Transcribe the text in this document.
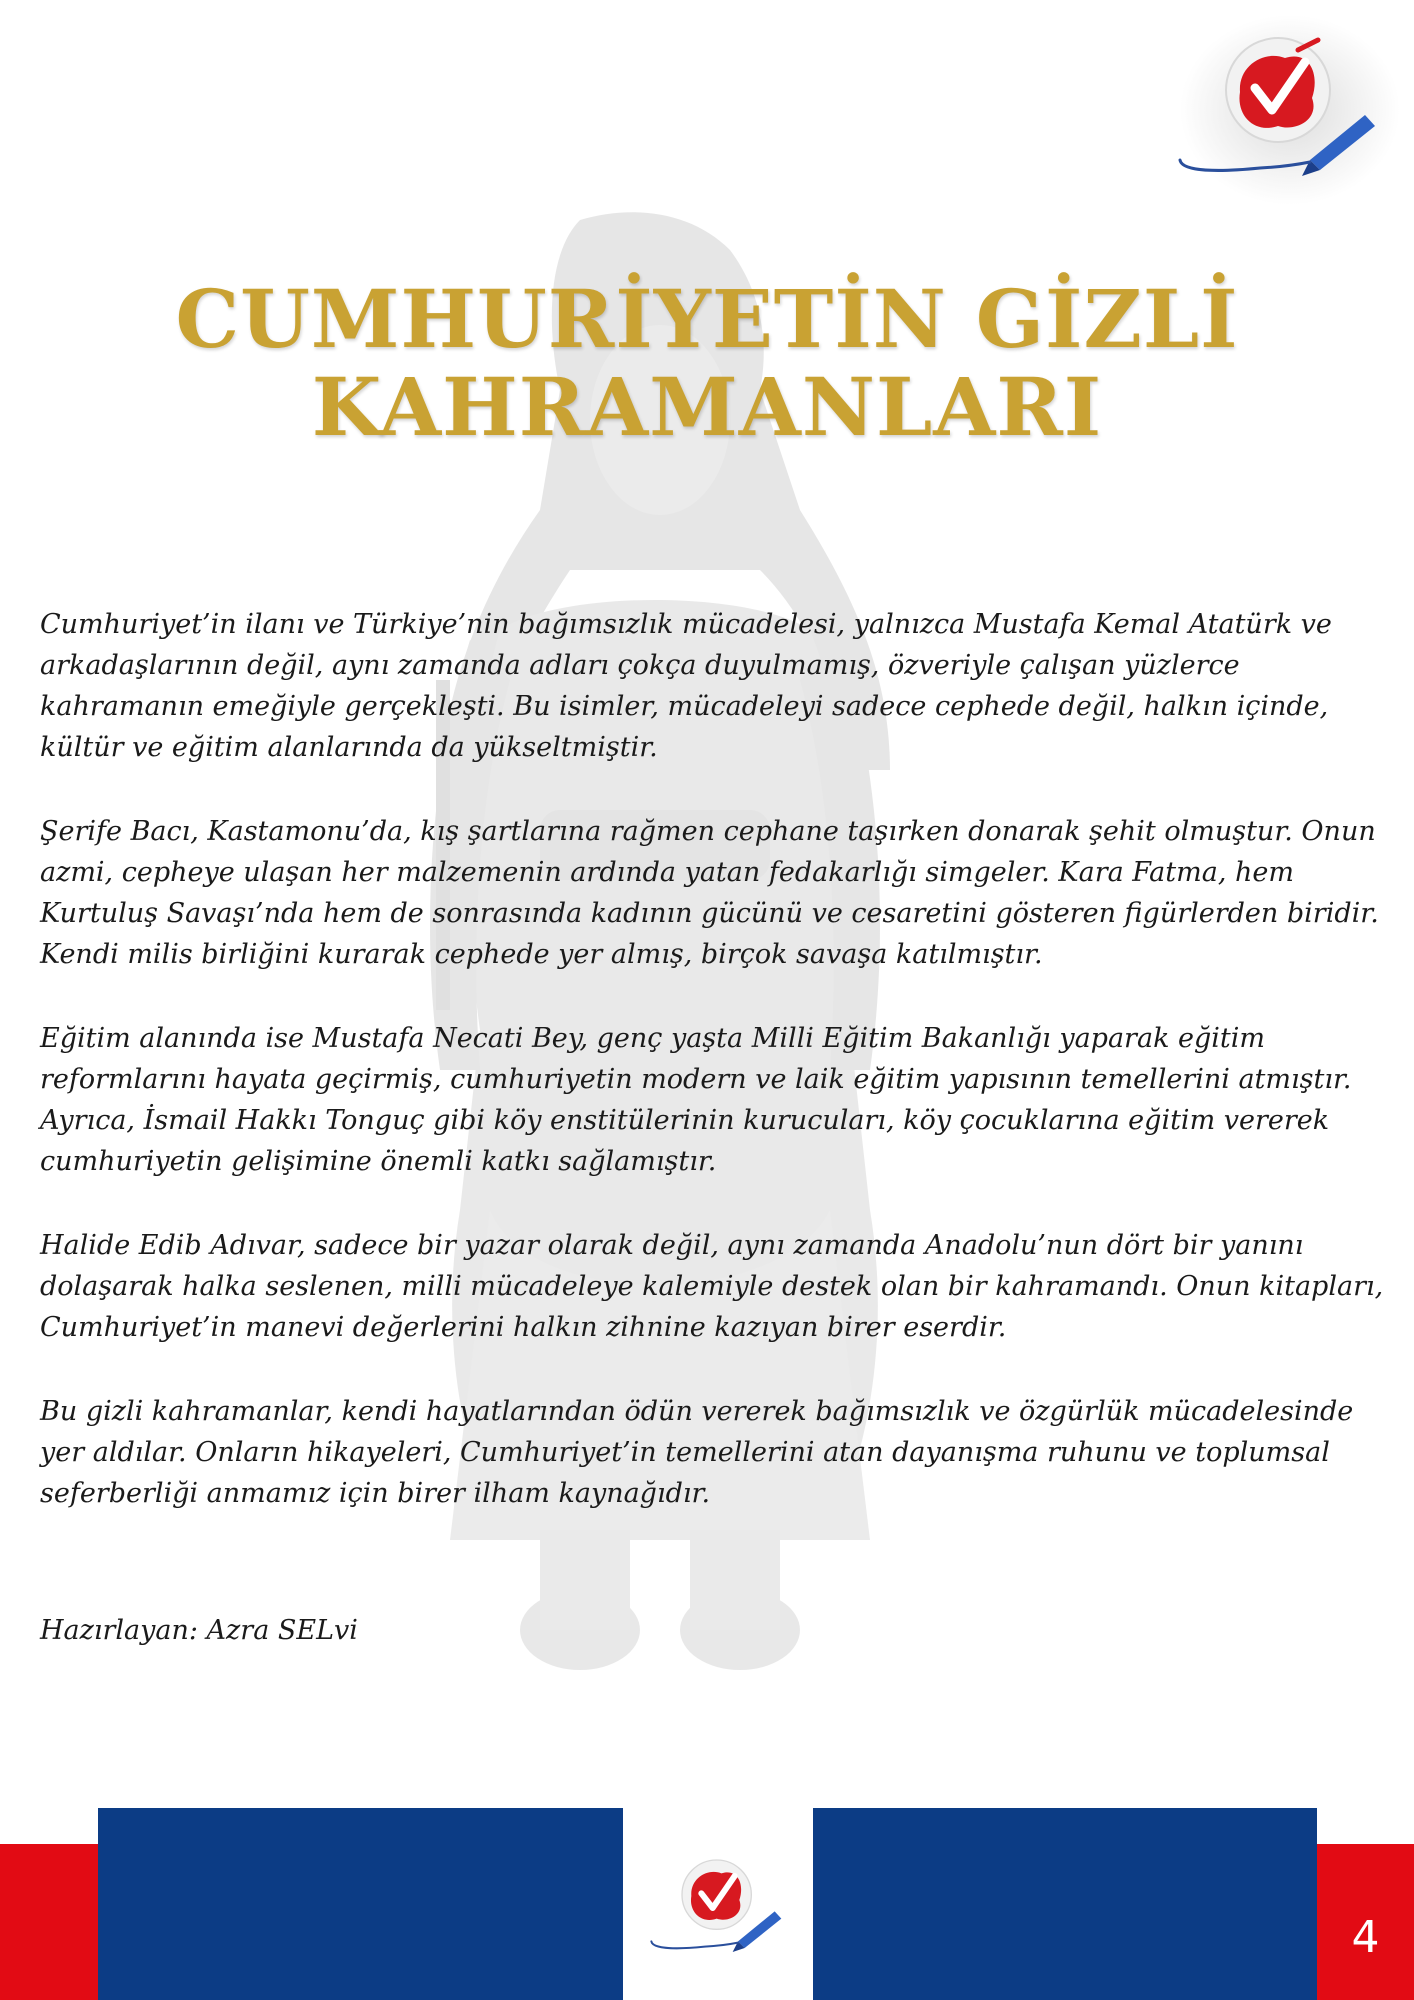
CUMHURİYETİN GİZLİ
KAHRAMANLARI

Cumhuriyet’in ilanı ve Türkiye’nin bağımsızlık mücadelesi, yalnızca Mustafa Kemal Atatürk ve arkadaşlarının değil, aynı zamanda adları çokça duyulmamış, özveriyle çalışan yüzlerce kahramanın emeğiyle gerçekleşti. Bu isimler, mücadeleyi sadece cephede değil, halkın içinde, kültür ve eğitim alanlarında da yükseltmiştir.

Şerife Bacı, Kastamonu’da, kış şartlarına rağmen cephane taşırken donarak şehit olmuştur. Onun azmi, cepheye ulaşan her malzemenin ardında yatan fedakarlığı simgeler. Kara Fatma, hem Kurtuluş Savaşı’nda hem de sonrasında kadının gücünü ve cesaretini gösteren figürlerden biridir. Kendi milis birliğini kurarak cephede yer almış, birçok savaşa katılmıştır.

Eğitim alanında ise Mustafa Necati Bey, genç yaşta Milli Eğitim Bakanlığı yaparak eğitim reformlarını hayata geçirmiş, cumhuriyetin modern ve laik eğitim yapısının temellerini atmıştır. Ayrıca, İsmail Hakkı Tonguç gibi köy enstitülerinin kurucuları, köy çocuklarına eğitim vererek cumhuriyetin gelişimine önemli katkı sağlamıştır.

Halide Edib Adıvar, sadece bir yazar olarak değil, aynı zamanda Anadolu’nun dört bir yanını dolaşarak halka seslenen, milli mücadeleye kalemiyle destek olan bir kahramandı. Onun kitapları, Cumhuriyet’in manevi değerlerini halkın zihnine kazıyan birer eserdir.

Bu gizli kahramanlar, kendi hayatlarından ödün vererek bağımsızlık ve özgürlük mücadelesinde yer aldılar. Onların hikayeleri, Cumhuriyet’in temellerini atan dayanışma ruhunu ve toplumsal seferberliği anmamız için birer ilham kaynağıdır.

Hazırlayan: Azra SELvi
4
